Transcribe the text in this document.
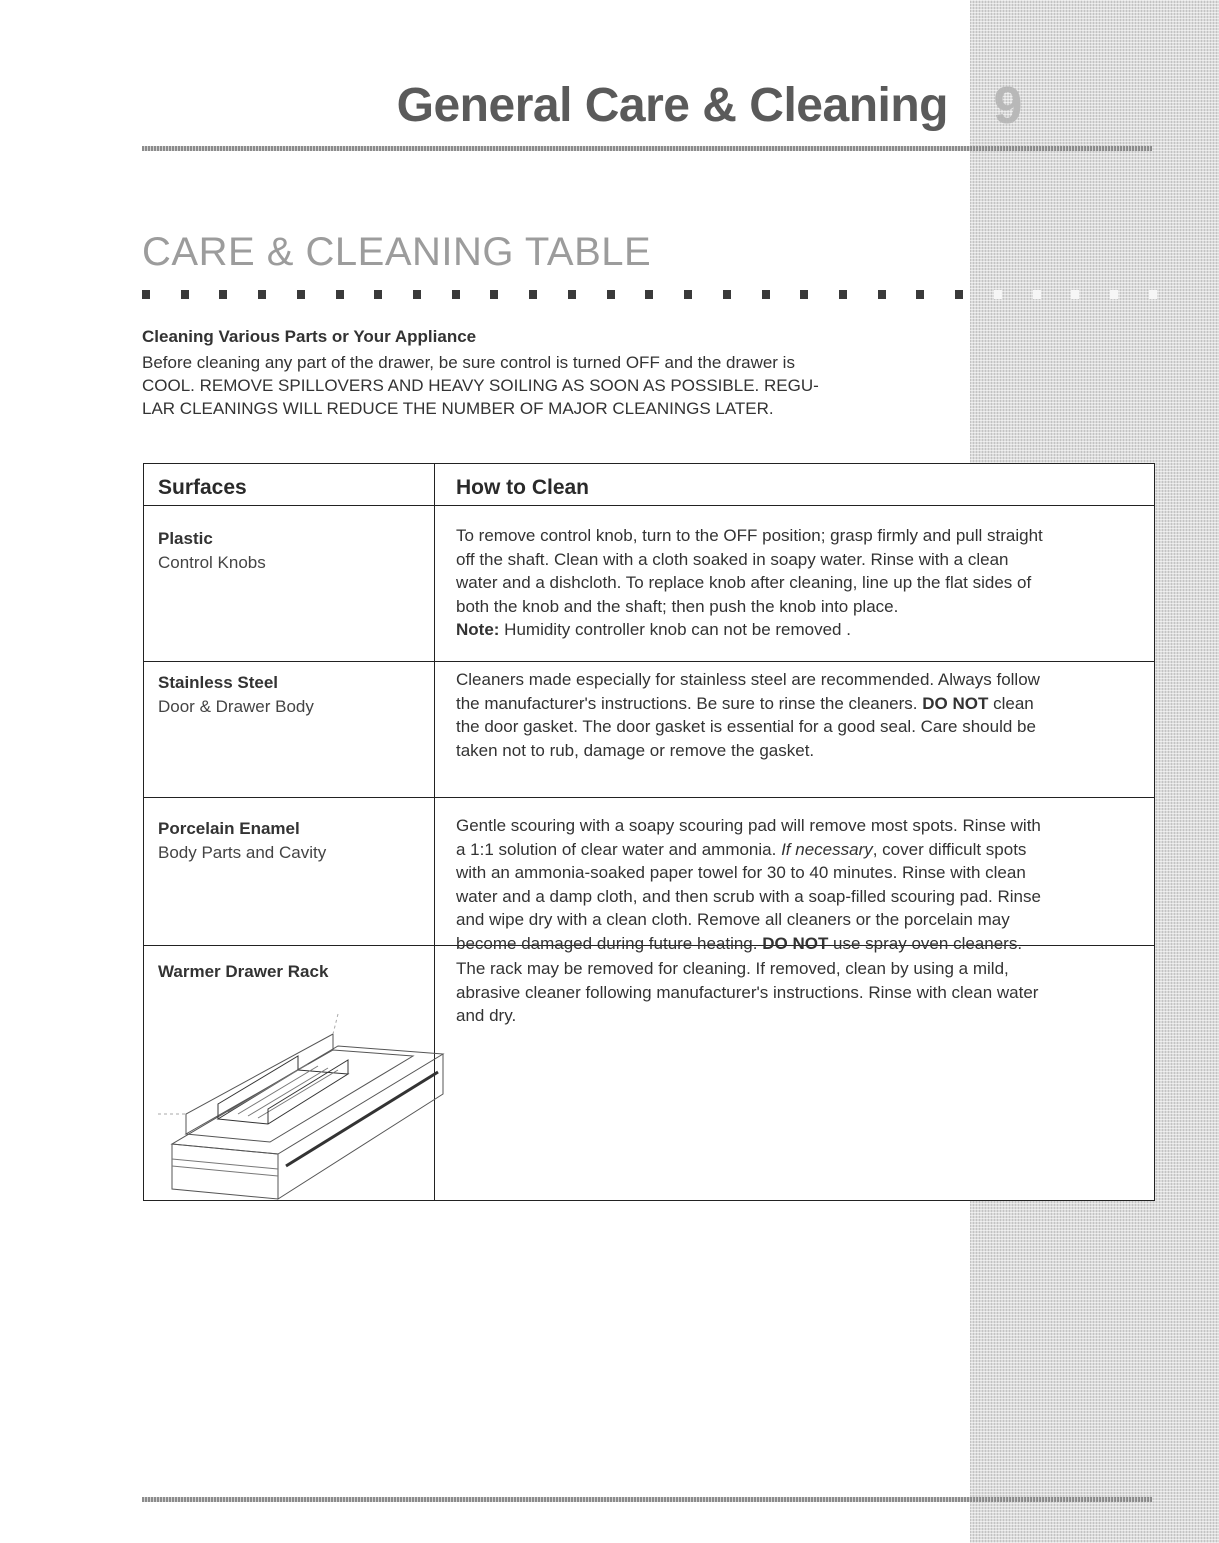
General Care & Cleaning 9
CARE & CLEANING TABLE
Cleaning Various Parts or Your Appliance
Before cleaning any part of the drawer, be sure control is turned OFF and the drawer is
COOL. REMOVE SPILLOVERS AND HEAVY SOILING AS SOON AS POSSIBLE. REGU-
LAR CLEANINGS WILL REDUCE THE NUMBER OF MAJOR CLEANINGS LATER.
Surfaces	How to Clean
Plastic
Control Knobs
To remove control knob, turn to the OFF position; grasp firmly and pull straight
off the shaft. Clean with a cloth soaked in soapy water. Rinse with a clean
water and a dishcloth. To replace knob after cleaning, line up the flat sides of
both the knob and the shaft; then push the knob into place.
Note: Humidity controller knob can not be removed .
Stainless Steel
Door & Drawer Body
Cleaners made especially for stainless steel are recommended. Always follow
the manufacturer's instructions. Be sure to rinse the cleaners. DO NOT clean
the door gasket. The door gasket is essential for a good seal. Care should be
taken not to rub, damage or remove the gasket.
Porcelain Enamel
Body Parts and Cavity
Gentle scouring with a soapy scouring pad will remove most spots. Rinse with
a 1:1 solution of clear water and ammonia. If necessary, cover difficult spots
with an ammonia-soaked paper towel for 30 to 40 minutes. Rinse with clean
water and a damp cloth, and then scrub with a soap-filled scouring pad. Rinse
and wipe dry with a clean cloth. Remove all cleaners or the porcelain may
become damaged during future heating. DO NOT use spray oven cleaners.
Warmer Drawer Rack	The rack may be removed for cleaning. If removed, clean by using a mild,
abrasive cleaner following manufacturer's instructions. Rinse with clean water
and dry.
